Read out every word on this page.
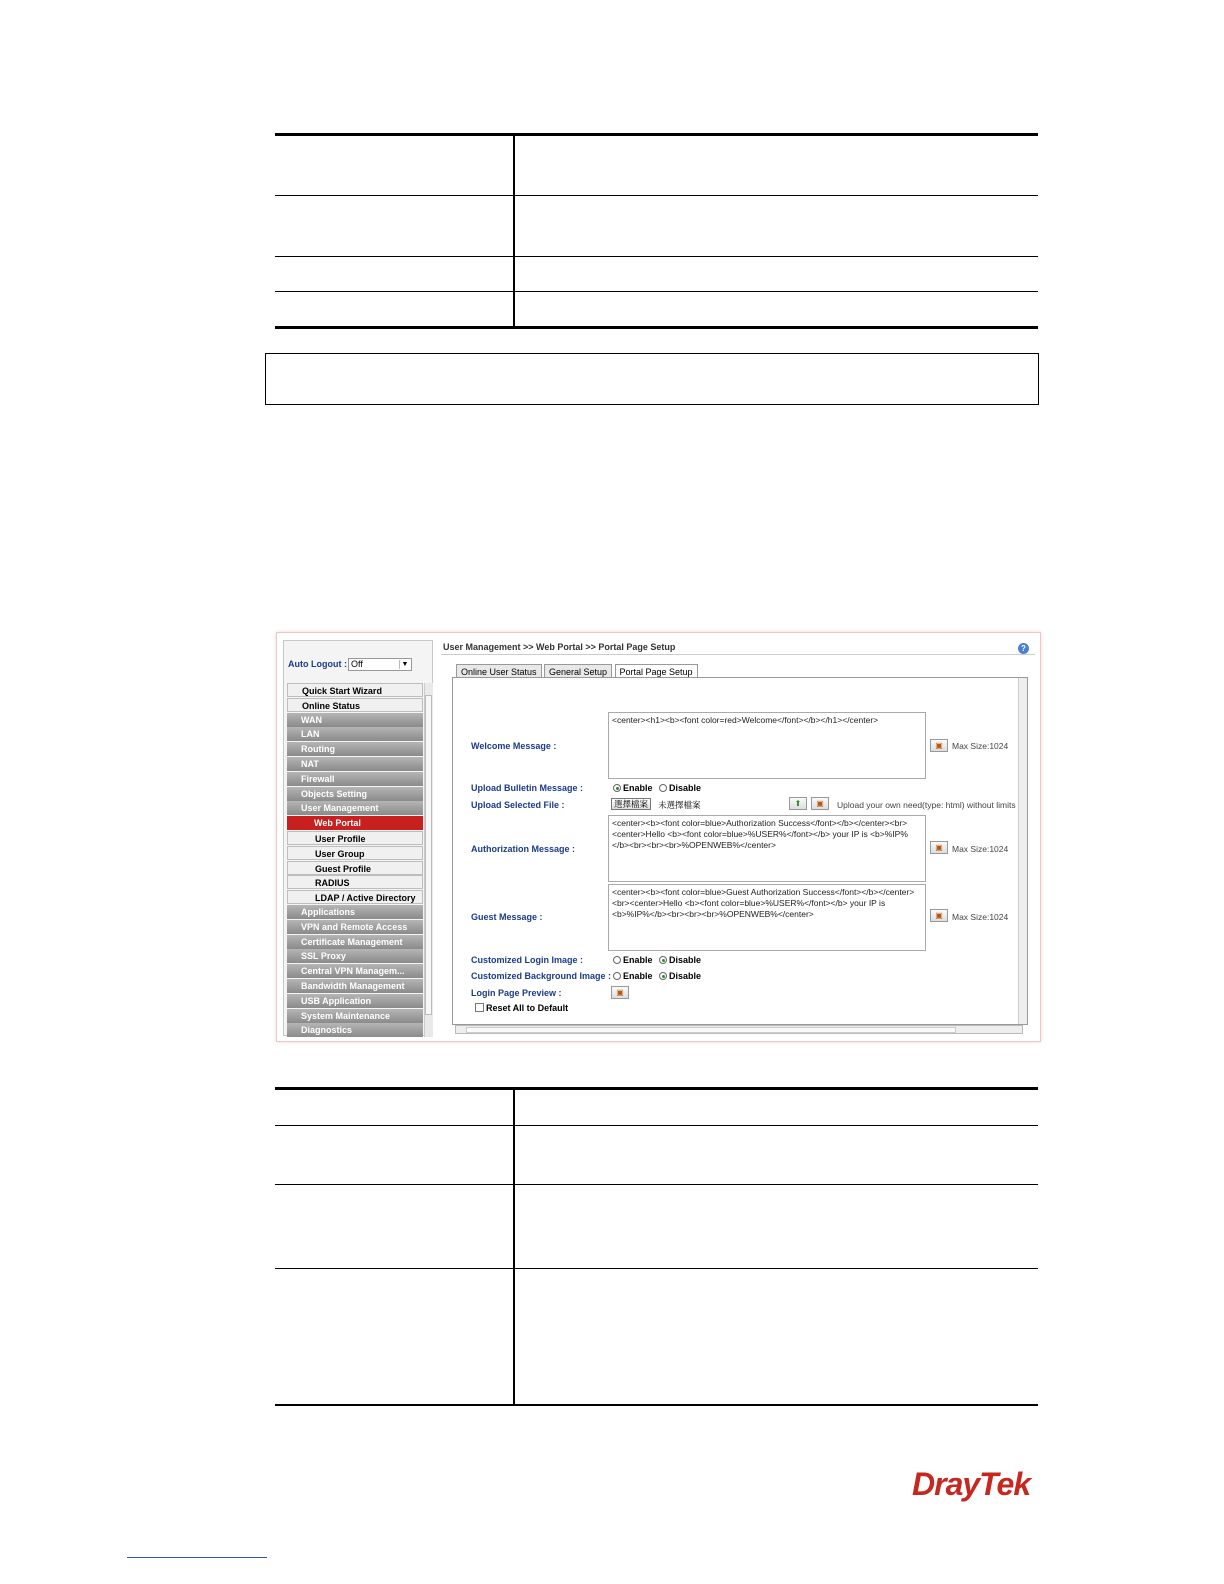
Auto Logout : Off	▼
Quick Start Wizard
Online Status
WAN
LAN
Routing
NAT
Firewall
Objects Setting
User Management
Web Portal
User Profile
User Group
Guest Profile
RADIUS
LDAP / Active Directory
Applications
VPN and Remote Access
Certificate Management
SSL Proxy
Central VPN Managem...
Bandwidth Management
USB Application
System Maintenance
Diagnostics
User Management >> Web Portal >> Portal Page Setup	?
Online User Status General Setup Portal Page Setup
Welcome Message :
<center><h1><b><font color=red>Welcome</font></b></h1></center>
▣	Max Size:1024
Upload Bulletin Message :	Enable	Disable
Upload Selected File :	選擇檔案	未選擇檔案	⬆	▣	Upload your own need(type: html) without limits
Authorization Message :
<center><b><font color=blue>Authorization Success</font></b></center><br><center>Hello <b><font color=blue>%USER%</font></b> your IP is <b>%IP%</b><br><br><br>%OPENWEB%</center>	▣	Max Size:1024
Guest Message :
<center><b><font color=blue>Guest Authorization Success</font></b></center><br><center>Hello <b><font color=blue>%USER%</font></b> your IP is <b>%IP%</b><br><br><br>%OPENWEB%</center>	▣	Max Size:1024
Customized Login Image :	Enable	Disable
Customized Background Image :	Enable	Disable
Login Page Preview :	▣
Reset All to Default
DrayTek
